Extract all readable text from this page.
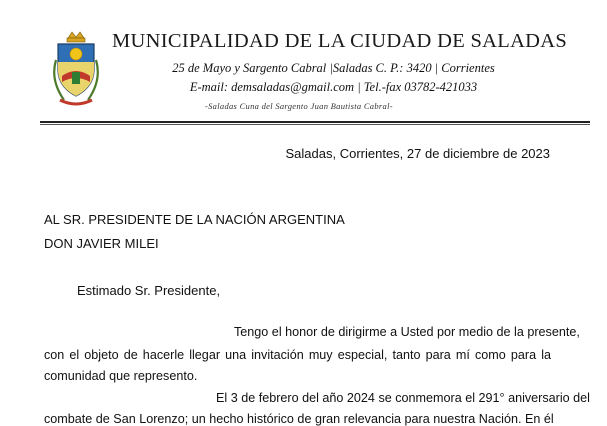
MUNICIPALIDAD DE LA CIUDAD DE SALADAS
25 de Mayo y Sargento Cabral |Saladas C. P.: 3420 | Corrientes
E-mail: demsaladas@gmail.com | Tel.-fax 03782-421033
-Saladas Cuna del Sargento Juan Bautista Cabral-
Saladas, Corrientes, 27 de diciembre de 2023
AL SR. PRESIDENTE DE LA NACIÓN ARGENTINA
DON JAVIER MILEI
Estimado Sr. Presidente,
Tengo el honor de dirigirme a Usted por medio de la presente,
con el objeto de hacerle llegar una invitación muy especial, tanto para mí como para la
comunidad que represento.
El 3 de febrero del año 2024 se conmemora el 291° aniversario del
combate de San Lorenzo; un hecho histórico de gran relevancia para nuestra Nación. En él
